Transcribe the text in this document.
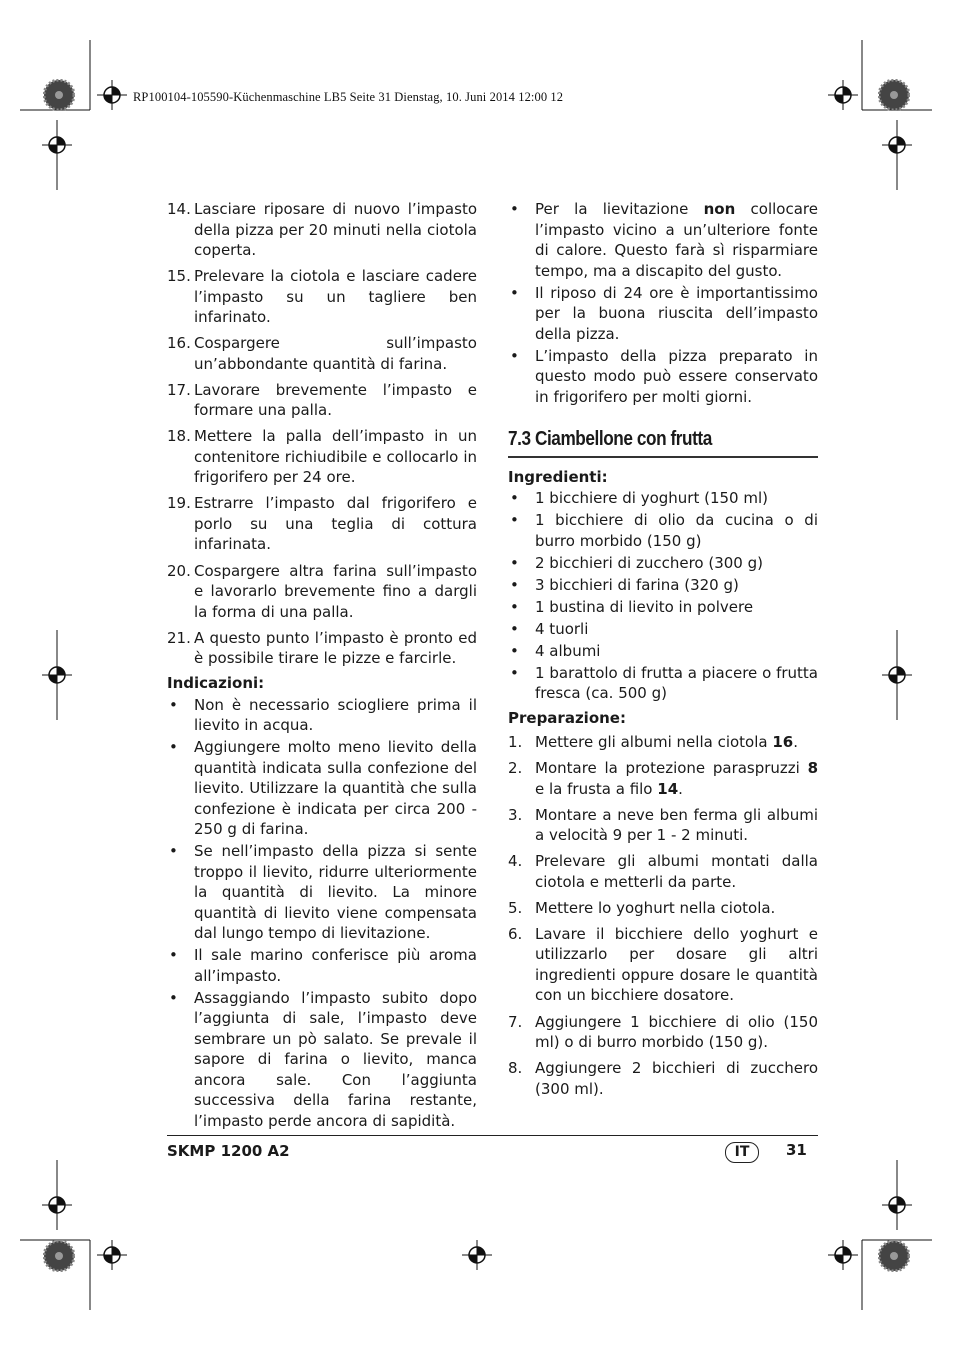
RP100104-105590-Küchenmaschine LB5 Seite 31 Dienstag, 10. Juni 2014 12:00 12
14. Lasciare riposare di nuovo l’impasto della pizza per 20 minuti nella ciotola coperta.
15. Prelevare la ciotola e lasciare cadere l’impasto su un tagliere ben infarinato.
16. Cospargere sull’impasto un’abbondante quantità di farina.
17. Lavorare brevemente l’impasto e formare una palla.
18. Mettere la palla dell’impasto in un contenitore richiudibile e collocarlo in frigorifero per 24 ore.
19. Estrarre l’impasto dal frigorifero e porlo su una teglia di cottura infarinata.
20. Cospargere altra farina sull’impasto e lavorarlo brevemente fino a dargli la forma di una palla.
21. A questo punto l’impasto è pronto ed è possibile tirare le pizze e farcirle.
Indicazioni:
•	Non è necessario sciogliere prima il lievito in acqua.
•	Aggiungere molto meno lievito della quantità indicata sulla confezione del lievito. Utilizzare la quantità che sulla confezione è indicata per circa 200 - 250 g di farina.
•	Se nell’impasto della pizza si sente troppo il lievito, ridurre ulteriormente la quantità di lievito. La minore quantità di lievito viene compensata dal lungo tempo di lievitazione.
•	Il sale marino conferisce più aroma all’impasto.
•	Assaggiando l’impasto subito dopo l’aggiunta di sale, l’impasto deve sembrare un pò salato. Se prevale il sapore di farina o lievito, manca ancora sale. Con l’aggiunta successiva della farina restante, l’impasto perde ancora di sapidità.
•	Per la lievitazione non collocare l’impasto vicino a un’ulteriore fonte di calore. Questo farà sì risparmiare tempo, ma a discapito del gusto.
•	Il riposo di 24 ore è importantissimo per la buona riuscita dell’impasto della pizza.
•	L’impasto della pizza preparato in questo modo può essere conservato in frigorifero per molti giorni.
7.3 Ciambellone con frutta
Ingredienti:
•	1 bicchiere di yoghurt (150 ml)
•	1 bicchiere di olio da cucina o di burro morbido (150 g)
•	2 bicchieri di zucchero (300 g)
•	3 bicchieri di farina (320 g)
•	1 bustina di lievito in polvere
•	4 tuorli
•	4 albumi
•	1 barattolo di frutta a piacere o frutta fresca (ca. 500 g)
Preparazione:
1. Mettere gli albumi nella ciotola 16.
2. Montare la protezione paraspruzzi 8 e la frusta a filo 14.
3. Montare a neve ben ferma gli albumi a velocità 9 per 1 - 2 minuti.
4. Prelevare gli albumi montati dalla ciotola e metterli da parte.
5. Mettere lo yoghurt nella ciotola.
6. Lavare il bicchiere dello yoghurt e utilizzarlo per dosare gli altri ingredienti oppure dosare le quantità con un bicchiere dosatore.
7. Aggiungere 1 bicchiere di olio (150 ml) o di burro morbido (150 g).
8. Aggiungere 2 bicchieri di zucchero (300 ml).
SKMP 1200 A2	IT	31
